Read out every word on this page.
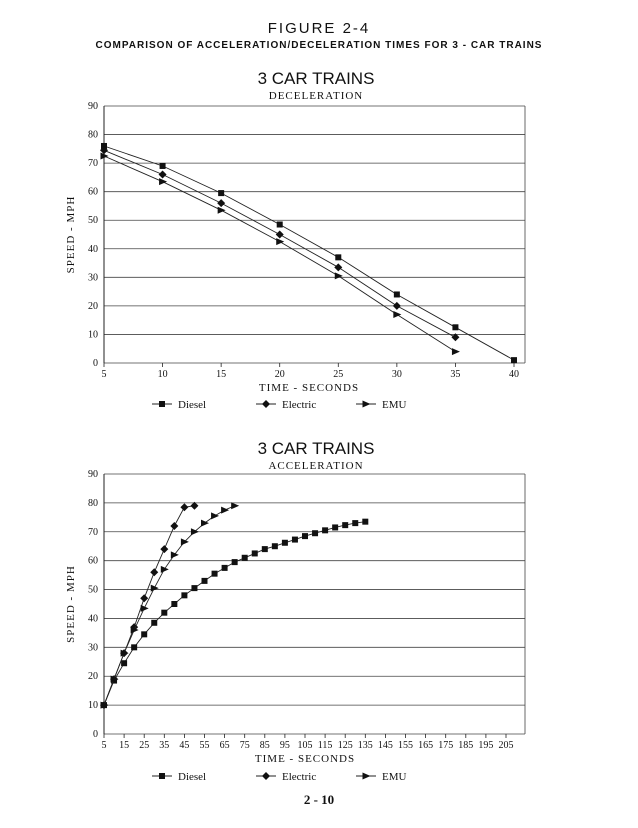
FIGURE 2-4
COMPARISON OF ACCELERATION/DECELERATION TIMES FOR 3 - CAR TRAINS
3 CAR TRAINS
DECELERATION
0
10
20
30
40
50
60
70
80
90
5	10	15	20	25	30	35	40
TIME - SECONDS
SPEED - MPH
Diesel	Electric	EMU
3 CAR TRAINS
ACCELERATION
0
10
20
30
40
50
60
70
80
90
5 15 25 35 45 55 65 75 85 95 105 115 125 135 145 155 165 175 185 195 205
TIME - SECONDS
SPEED - MPH
Diesel	Electric	EMU
2 - 10
